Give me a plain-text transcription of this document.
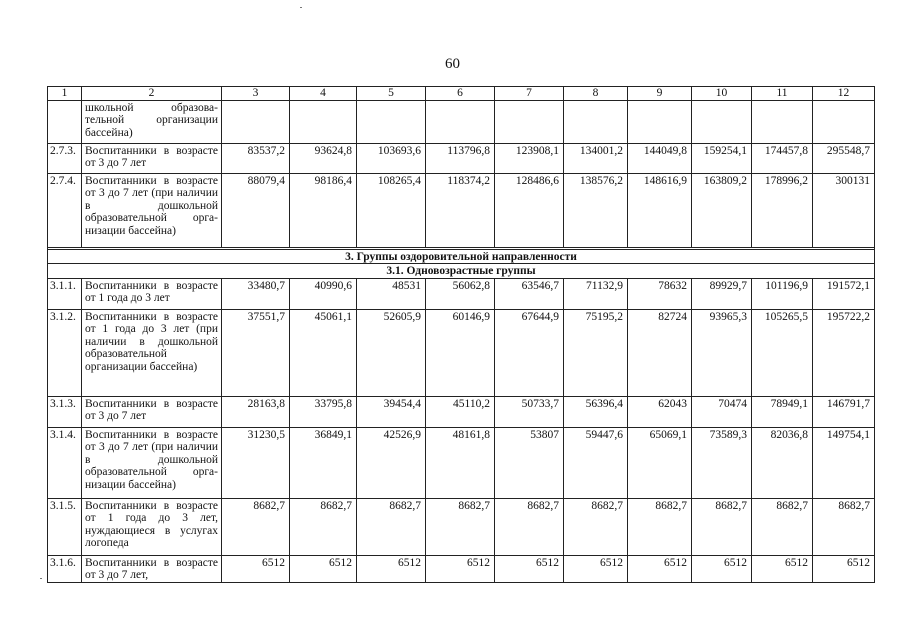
60
1	2	3	4	5	6	7	8	9	10	11	12
	школьной образовательной организации бассейна)										
2.7.3.	Воспитанники в возрасте от 3 до 7 лет	83537,2	93624,8	103693,6	113796,8	123908,1	134001,2	144049,8	159254,1	174457,8	295548,7
2.7.4.	Воспитанники в возрасте от 3 до 7 лет (при наличии в дошкольной образовательной организации бассейна)	88079,4	98186,4	108265,4	118374,2	128486,6	138576,2	148616,9	163809,2	178996,2	300131

3. Группы оздоровительной направленности											
3.1. Одновозрастные группы											
3.1.1.	Воспитанники в возрасте от 1 года до 3 лет	33480,7	40990,6	48531	56062,8	63546,7	71132,9	78632	89929,7	101196,9	191572,1
3.1.2.	Воспитанники в возрасте от 1 года до 3 лет (при наличии в дошкольной образовательной организации бассейна)	37551,7	45061,1	52605,9	60146,9	67644,9	75195,2	82724	93965,3	105265,5	195722,2
3.1.3.	Воспитанники в возрасте от 3 до 7 лет	28163,8	33795,8	39454,4	45110,2	50733,7	56396,4	62043	70474	78949,1	146791,7
3.1.4.	Воспитанники в возрасте от 3 до 7 лет (при наличии в дошкольной образовательной организации бассейна)	31230,5	36849,1	42526,9	48161,8	53807	59447,6	65069,1	73589,3	82036,8	149754,1
3.1.5.	Воспитанники в возрасте от 1 года до 3 лет, нуждающиеся в услугах логопеда	8682,7	8682,7	8682,7	8682,7	8682,7	8682,7	8682,7	8682,7	8682,7	8682,7
3.1.6.	Воспитанники в возрасте от 3 до 7 лет,	6512	6512	6512	6512	6512	6512	6512	6512	6512	6512
